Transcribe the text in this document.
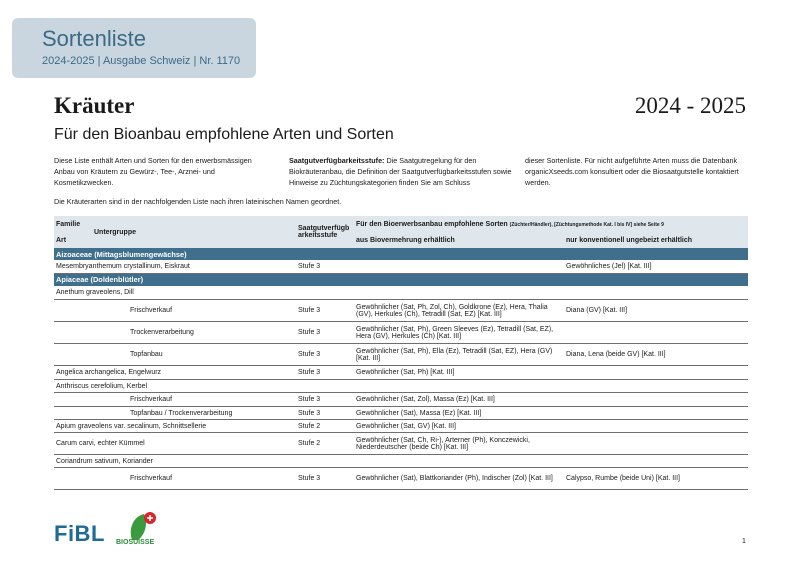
Sortenliste
2024-2025 | Ausgabe Schweiz | Nr. 1170
Kräuter	2024 - 2025
Für den Bioanbau empfohlene Arten und Sorten
Diese Liste enthält Arten und Sorten für den erwerbsmässigen Anbau von Kräutern zu Gewürz-, Tee-, Arznei- und Kosmetikzwecken.
Saatgutverfügbarkeitsstufe: Die Saatgutregelung für den Biokräuteranbau, die Definition der Saatgutverfügbarkeitsstufen sowie Hinweise zu Züchtungskategorien finden Sie am Schluss
dieser Sortenliste. Für nicht aufgeführte Arten muss die Datenbank organicXseeds.com konsultiert oder die Biosaatgutstelle kontaktiert werden.
Die Kräuterarten sind in der nachfolgenden Liste nach ihren lateinischen Namen geordnet.
Familie	Untergruppe	Saatgutverfügbarkeitsstufe	Für den Bioerwerbsanbau empfohlene Sorten (Züchter/Händler), [Züchtungsmethode Kat. I bis IV] siehe Seite 9	
Art			aus Biovermehrung erhältlich	nur konventionell ungebeizt erhältlich
Aizoaceae (Mittagsblumengewächse)				
Mesembryanthemum crystallinum, Eiskraut		Stufe 3		Gewöhnliches (Jel) [Kat. III]
Apiaceae (Doldenblütler)				
Anethum graveolens, Dill				
	Frischverkauf	Stufe 3	Gewöhnlicher (Sat, Ph, Zol, Ch), Goldkrone (Ez), Hera, Thalia (GV), Herkules (Ch), Tetradill (Sat, EZ) [Kat. III]	Diana (GV) [Kat. III]
	Trockenverarbeitung	Stufe 3	Gewöhnlicher (Sat, Ph), Green Sleeves (Ez), Tetradill (Sat, EZ), Hera (GV), Herkules (Ch) [Kat. III]	
	Topfanbau	Stufe 3	Gewöhnlicher (Sat, Ph), Ella (Ez), Tetradill (Sat, EZ), Hera (GV) [Kat. III]	Diana, Lena (beide GV) [Kat. III]
Angelica archangelica, Engelwurz		Stufe 3	Gewöhnlicher (Sat, Ph) [Kat. III]	
Anthriscus cerefolium, Kerbel				
	Frischverkauf	Stufe 3	Gewöhnlicher (Sat, Zol), Massa (Ez) [Kat. III]	
	Topfanbau / Trockenverarbeitung	Stufe 3	Gewöhnlicher (Sat), Massa (Ez) [Kat. III]	
Apium graveolens var. secalinum, Schnittsellerie		Stufe 2	Gewöhnlicher (Sat, GV) [Kat. III]	
Carum carvi, echter Kümmel		Stufe 2	Gewöhnlicher (Sat, Ch, Ri-), Arterner (Ph), Konczewicki, Niederdeutscher (beide Ch) [Kat. III]	
Coriandrum sativum, Koriander				
	Frischverkauf	Stufe 3	Gewöhnlicher (Sat), Blattkoriander (Ph), Indischer (Zol) [Kat. III]	Calypso, Rumbe (beide Uni) [Kat. III]
FiBL BIOSUISSE	1
